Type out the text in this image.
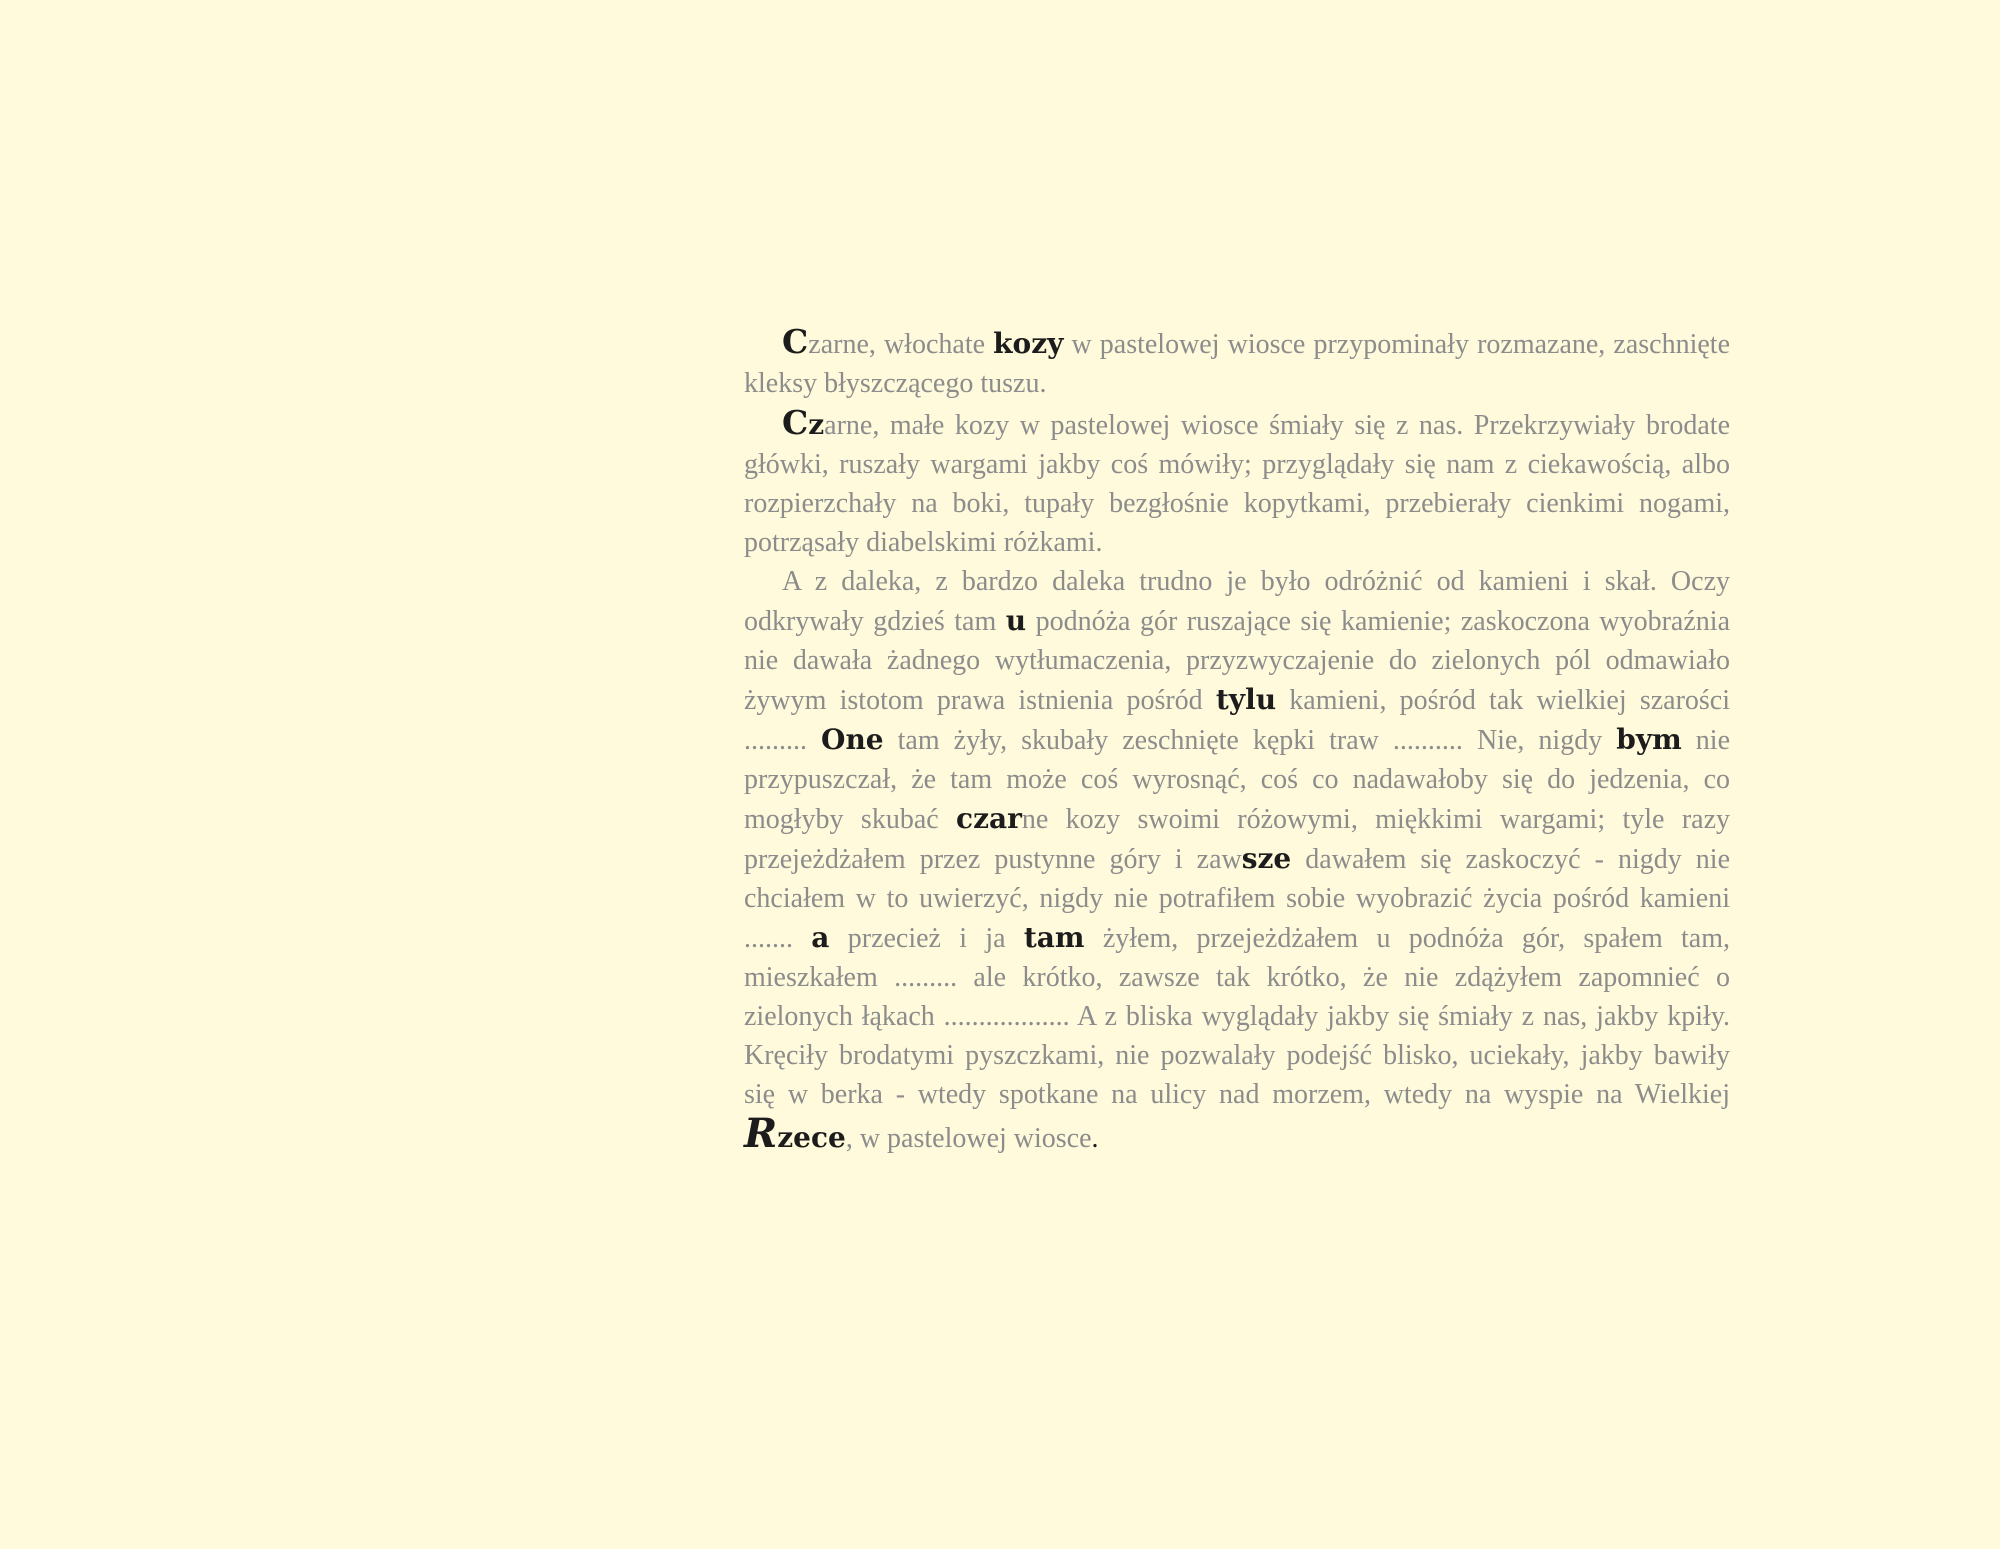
Czarne, włochate kozy w pastelowej wiosce przypominały rozmazane, zaschnięte kleksy błyszczącego tuszu.

Czarne, małe kozy w pastelowej wiosce śmiały się z nas. Przekrzywiały brodate główki, ruszały wargami jakby coś mówiły; przyglądały się nam z ciekawością, albo rozpierzchały na boki, tupały bezgłośnie kopytkami, przebierały cienkimi nogami, potrząsały diabelskimi różkami.

A z daleka, z bardzo daleka trudno je było odróżnić od kamieni i skał. Oczy odkrywały gdzieś tam u podnóża gór ruszające się kamienie; zaskoczona wyobraźnia nie dawała żadnego wytłumaczenia, przyzwyczajenie do zielonych pól odmawiało żywym istotom prawa istnienia pośród tylu kamieni, pośród tak wielkiej szarości ......... One tam żyły, skubały zeschnięte kępki traw .......... Nie, nigdy bym nie przypuszczał, że tam może coś wyrosnąć, coś co nadawałoby się do jedzenia, co mogłyby skubać czarne kozy swoimi różowymi, miękkimi wargami; tyle razy przejeżdżałem przez pustynne góry i zawsze dawałem się zaskoczyć - nigdy nie chciałem w to uwierzyć, nigdy nie potrafiłem sobie wyobrazić życia pośród kamieni ....... a przecież i ja tam żyłem, przejeżdżałem u podnóża gór, spałem tam, mieszkałem ......... ale krótko, zawsze tak krótko, że nie zdążyłem zapomnieć o zielonych łąkach .................. A z bliska wyglądały jakby się śmiały z nas, jakby kpiły. Kręciły brodatymi pyszczkami, nie pozwalały podejść blisko, uciekały, jakby bawiły się w berka - wtedy spotkane na ulicy nad morzem, wtedy na wyspie na Wielkiej Rzece, w pastelowej wiosce.
